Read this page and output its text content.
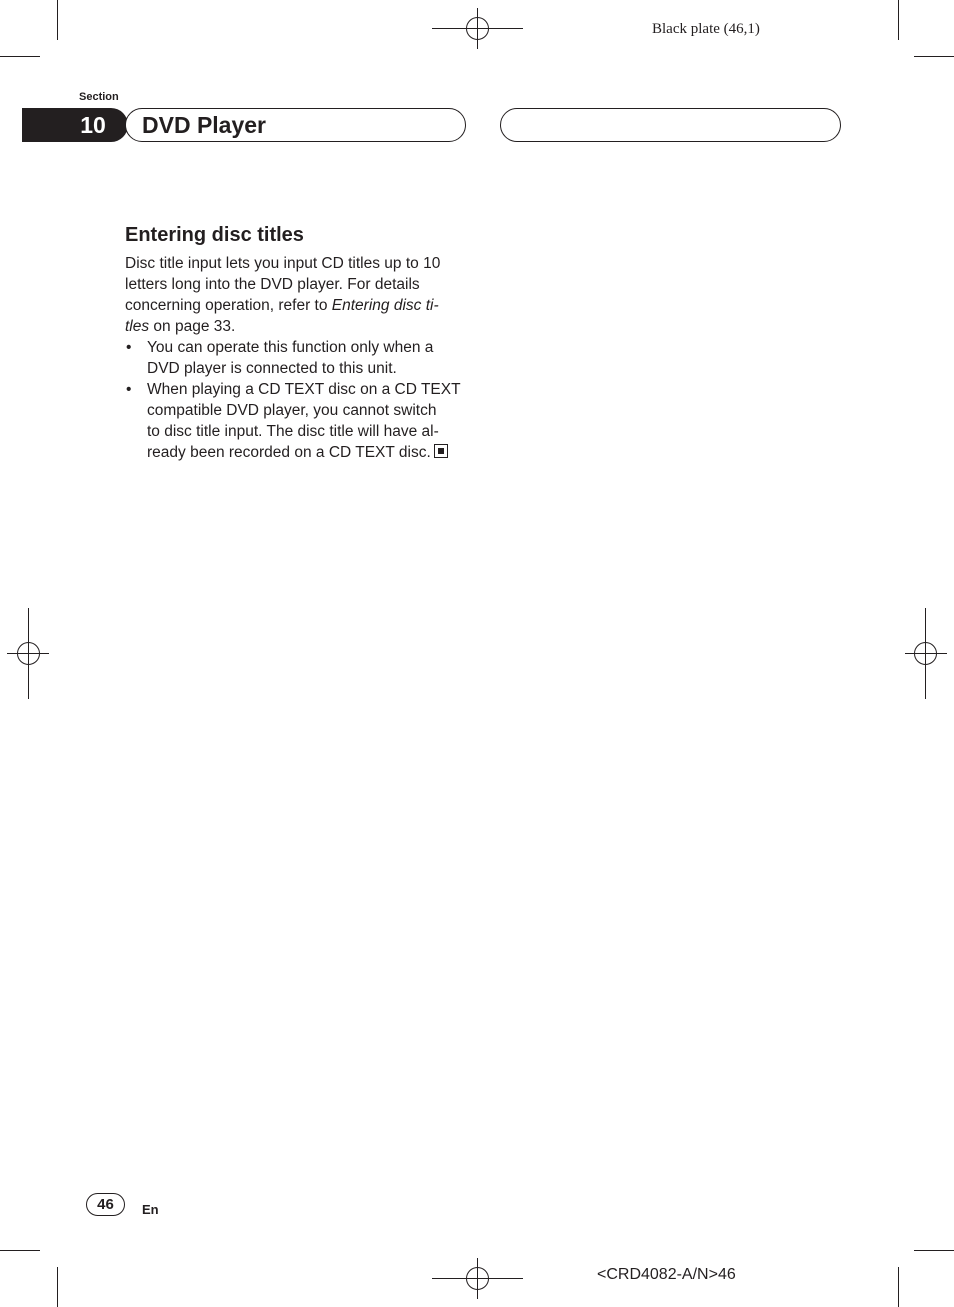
Black plate (46,1)
Section
10 DVD Player
Entering disc titles

Disc title input lets you input CD titles up to 10
letters long into the DVD player. For details
concerning operation, refer to Entering disc ti-
tles on page 33.

• You can operate this function only when a
DVD player is connected to this unit.
• When playing a CD TEXT disc on a CD TEXT
compatible DVD player, you cannot switch
to disc title input. The disc title will have al-
ready been recorded on a CD TEXT disc.
46	En
<CRD4082-A/N>46
